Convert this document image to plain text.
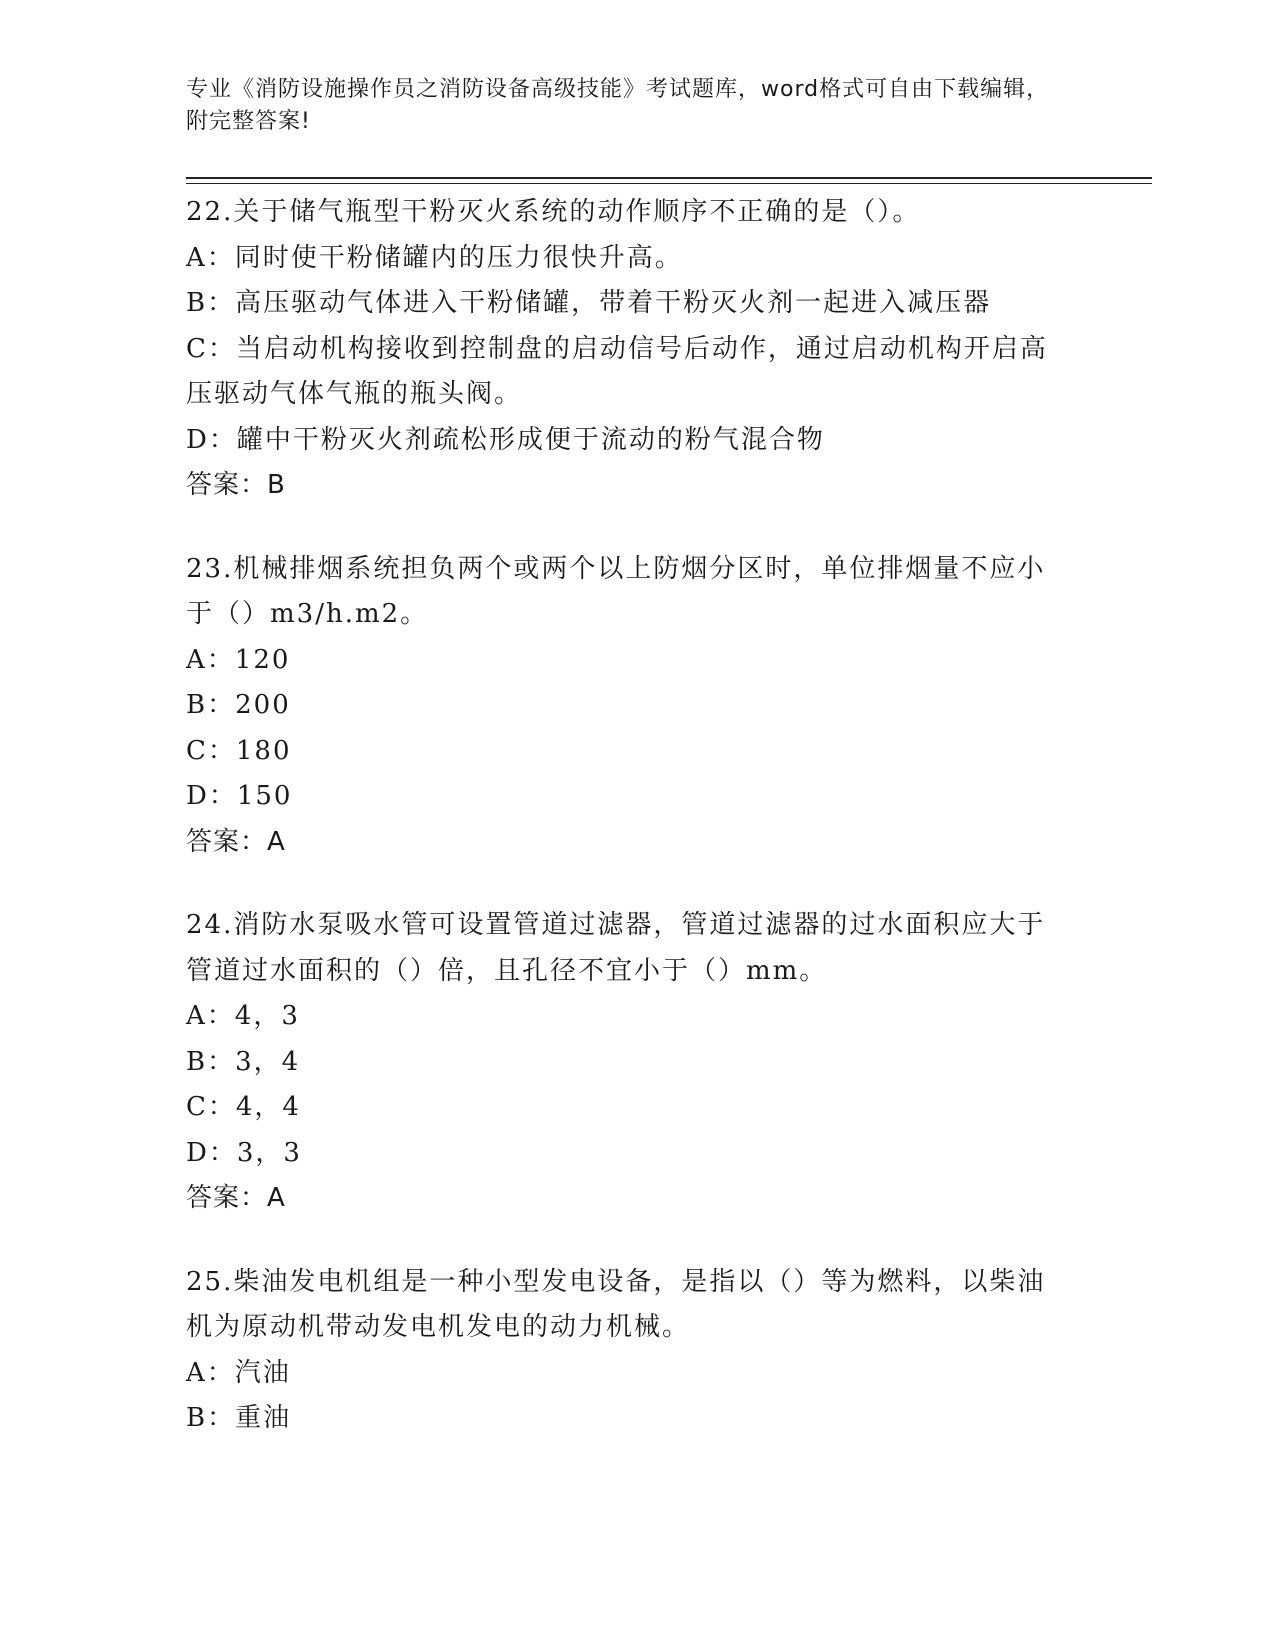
专业《消防设施操作员之消防设备高级技能》考试题库，word格式可自由下载编辑，附完整答案!
22.关于储气瓶型干粉灭火系统的动作顺序不正确的是（）。
A：同时使干粉储罐内的压力很快升高。
B：高压驱动气体进入干粉储罐，带着干粉灭火剂一起进入减压器
C：当启动机构接收到控制盘的启动信号后动作，通过启动机构开启高压驱动气体气瓶的瓶头阀。
D：罐中干粉灭火剂疏松形成便于流动的粉气混合物
答案：B
23.机械排烟系统担负两个或两个以上防烟分区时，单位排烟量不应小于（）m3/h.m2。
A：120
B：200
C：180
D：150
答案：A
24.消防水泵吸水管可设置管道过滤器，管道过滤器的过水面积应大于管道过水面积的（）倍，且孔径不宜小于（）mm。
A：4，3
B：3，4
C：4，4
D：3，3
答案：A
25.柴油发电机组是一种小型发电设备，是指以（）等为燃料，以柴油机为原动机带动发电机发电的动力机械。
A：汽油
B：重油
